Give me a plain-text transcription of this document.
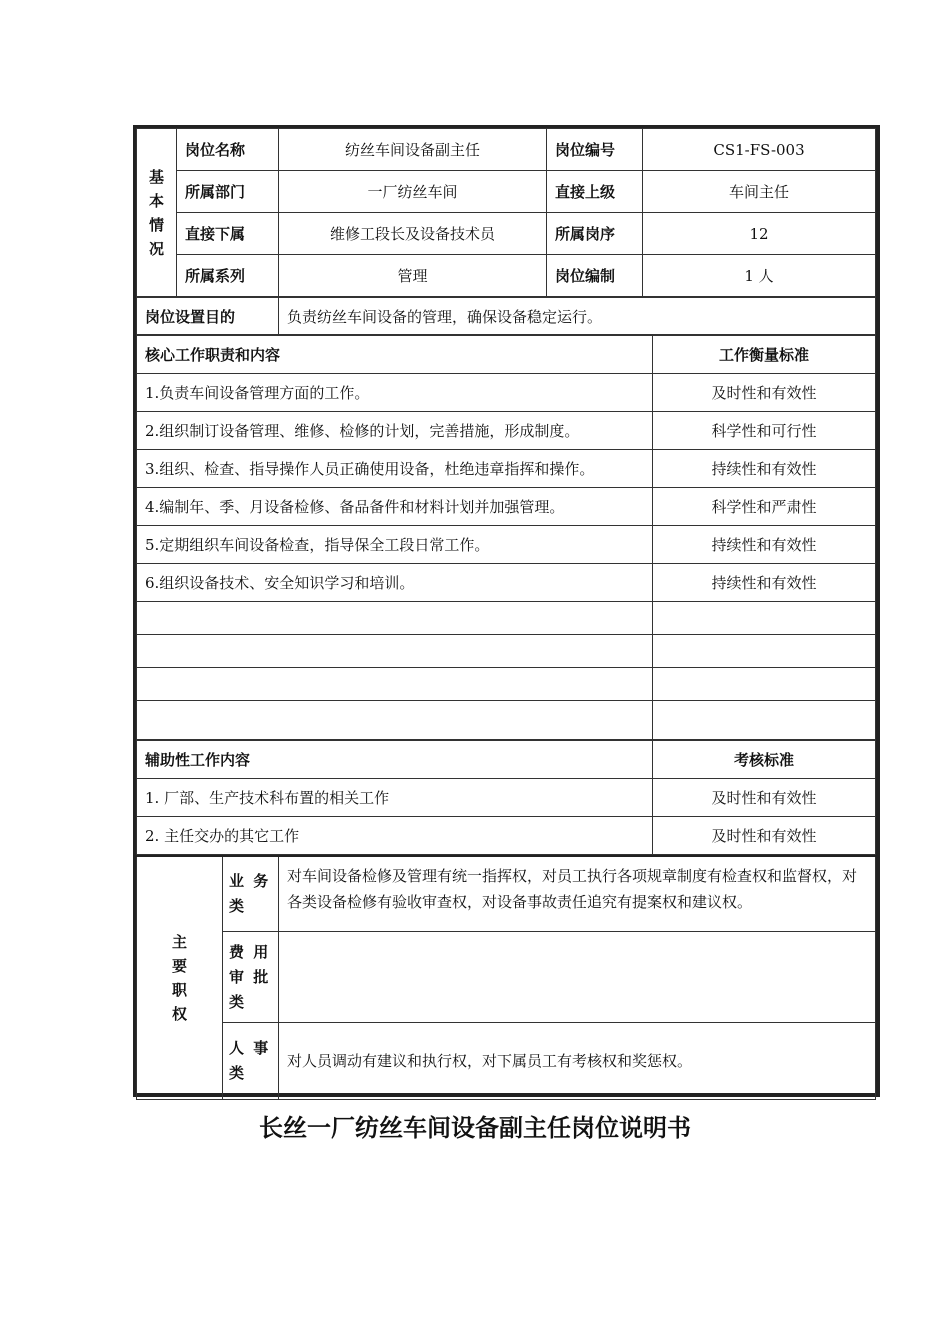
基本情况	岗位名称	纺丝车间设备副主任	岗位编号	CS1-FS-003
	所属部门	一厂纺丝车间	直接上级	车间主任
	直接下属	维修工段长及设备技术员	所属岗序	12
	所属系列	管理	岗位编制	1 人
岗位设置目的	负责纺丝车间设备的管理，确保设备稳定运行。
核心工作职责和内容	工作衡量标准
1.负责车间设备管理方面的工作。	及时性和有效性
2.组织制订设备管理、维修、检修的计划，完善措施，形成制度。	科学性和可行性
3.组织、检查、指导操作人员正确使用设备，杜绝违章指挥和操作。	持续性和有效性
4.编制年、季、月设备检修、备品备件和材料计划并加强管理。	科学性和严肃性
5.定期组织车间设备检查，指导保全工段日常工作。	持续性和有效性
6.组织设备技术、安全知识学习和培训。	持续性和有效性

辅助性工作内容	考核标准
1. 厂部、生产技术科布置的相关工作	及时性和有效性
2. 主任交办的其它工作	及时性和有效性
主要职权	业 务类	对车间设备检修及管理有统一指挥权，对员工执行各项规章制度有检查权和监督权，对各类设备检修有验收审查权，对设备事故责任追究有提案权和建议权。
	费 用审 批类	
	人 事类	对人员调动有建议和执行权，对下属员工有考核权和奖惩权。
长丝一厂纺丝车间设备副主任岗位说明书
